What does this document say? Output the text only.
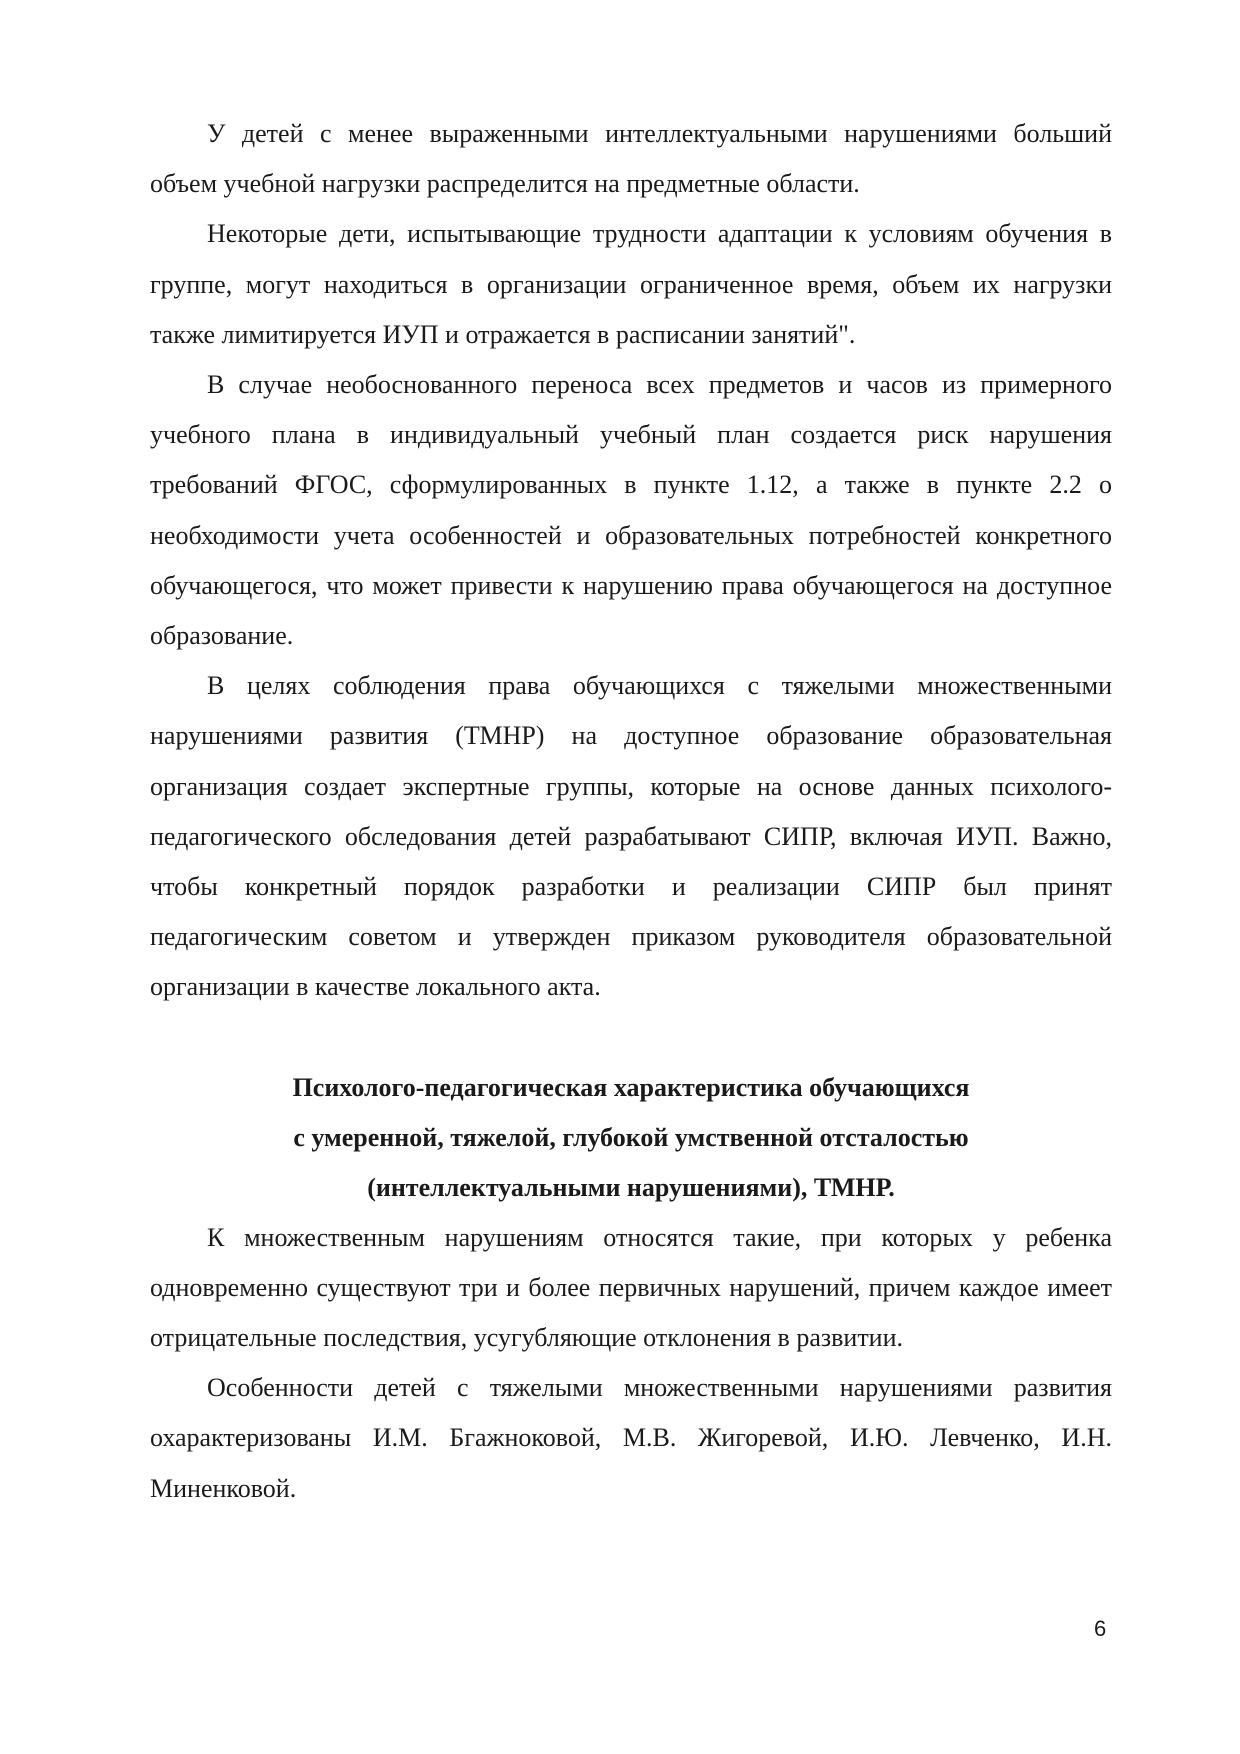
У детей с менее выраженными интеллектуальными нарушениями больший объем учебной нагрузки распределится на предметные области.

Некоторые дети, испытывающие трудности адаптации к условиям обучения в группе, могут находиться в организации ограниченное время, объем их нагрузки также лимитируется ИУП и отражается в расписании занятий".

В случае необоснованного переноса всех предметов и часов из примерного учебного плана в индивидуальный учебный план создается риск нарушения требований ФГОС, сформулированных в пункте 1.12, а также в пункте 2.2 о необходимости учета особенностей и образовательных потребностей конкретного обучающегося, что может привести к нарушению права обучающегося на доступное образование.

В целях соблюдения права обучающихся с тяжелыми множественными нарушениями развития (ТМНР) на доступное образование образовательная организация создает экспертные группы, которые на основе данных психолого-педагогического обследования детей разрабатывают СИПР, включая ИУП. Важно, чтобы конкретный порядок разработки и реализации СИПР был принят педагогическим советом и утвержден приказом руководителя образовательной организации в качестве локального акта.

Психолого-педагогическая характеристика обучающихся
с умеренной, тяжелой, глубокой умственной отсталостью
(интеллектуальными нарушениями), ТМНР.

К множественным нарушениям относятся такие, при которых у ребенка одновременно существуют три и более первичных нарушений, причем каждое имеет отрицательные последствия, усугубляющие отклонения в развитии.

Особенности детей с тяжелыми множественными нарушениями развития охарактеризованы И.М. Бгажноковой, М.В. Жигоревой, И.Ю. Левченко, И.Н. Миненковой.

6
